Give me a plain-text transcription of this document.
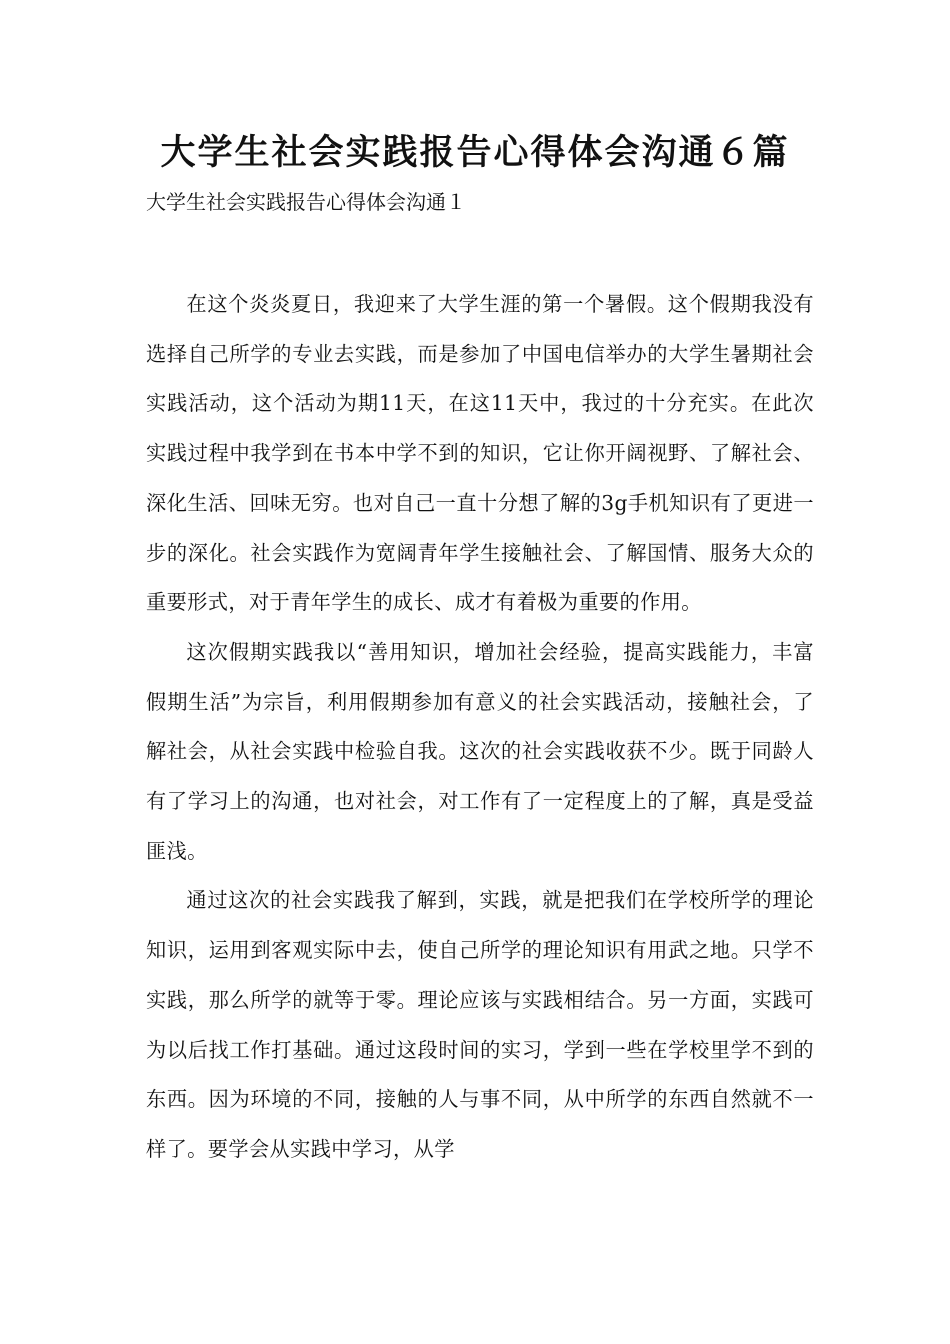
大学生社会实践报告心得体会沟通６篇
大学生社会实践报告心得体会沟通１

在这个炎炎夏日，我迎来了大学生涯的第一个暑假。这个假期我没有选择自己所学的专业去实践，而是参加了中国电信举办的大学生暑期社会实践活动，这个活动为期11天，在这11天中，我过的十分充实。在此次实践过程中我学到在书本中学不到的知识，它让你开阔视野、了解社会、深化生活、回味无穷。也对自己一直十分想了解的3g手机知识有了更进一步的深化。社会实践作为宽阔青年学生接触社会、了解国情、服务大众的重要形式，对于青年学生的成长、成才有着极为重要的作用。

这次假期实践我以“善用知识，增加社会经验，提高实践能力，丰富假期生活”为宗旨，利用假期参加有意义的社会实践活动，接触社会，了解社会，从社会实践中检验自我。这次的社会实践收获不少。既于同龄人有了学习上的沟通，也对社会，对工作有了一定程度上的了解，真是受益匪浅。

通过这次的社会实践我了解到，实践，就是把我们在学校所学的理论知识，运用到客观实际中去，使自己所学的理论知识有用武之地。只学不实践，那么所学的就等于零。理论应该与实践相结合。另一方面，实践可为以后找工作打基础。通过这段时间的实习，学到一些在学校里学不到的东西。因为环境的不同，接触的人与事不同，从中所学的东西自然就不一样了。要学会从实践中学习，从学
